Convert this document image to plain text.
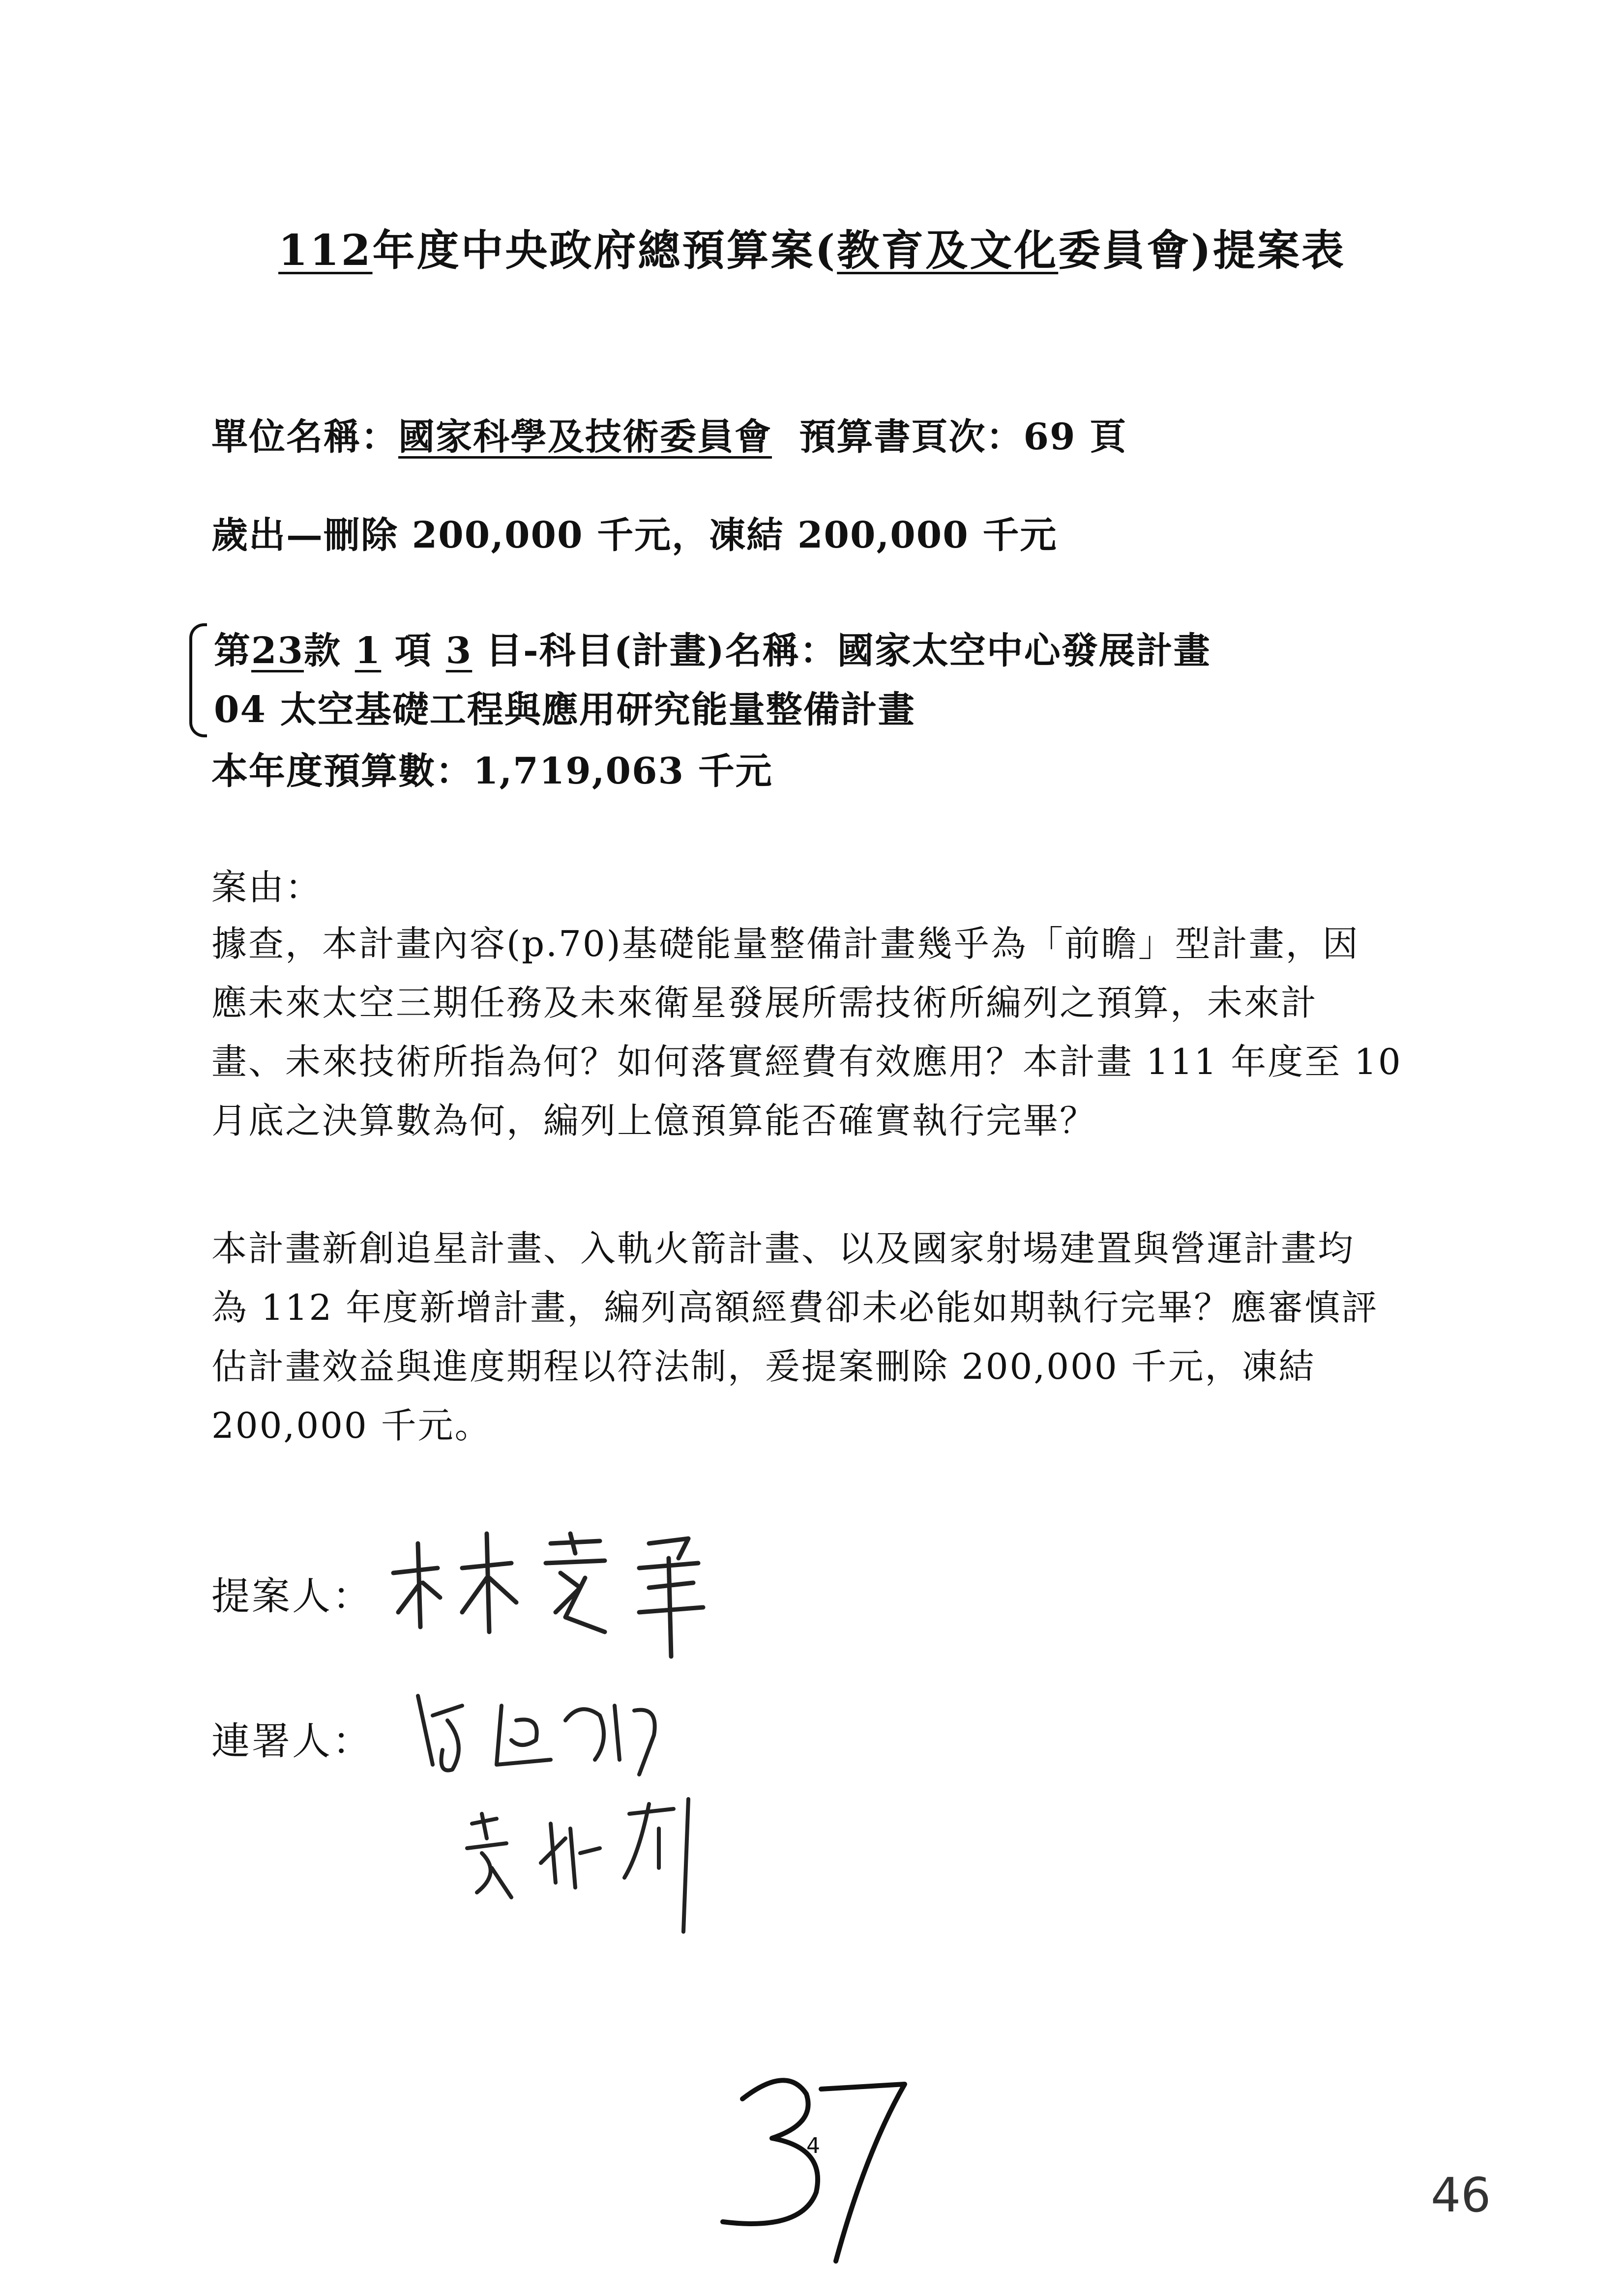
112年度中央政府總預算案(教育及文化委員會)提案表
單位名稱：國家科學及技術委員會 預算書頁次：69 頁
歲出—刪除 200,000 千元，凍結 200,000 千元
第23款 1 項 3 目-科目(計畫)名稱：國家太空中心發展計畫
04 太空基礎工程與應用研究能量整備計畫
本年度預算數：1,719,063 千元
案由：
據查，本計畫內容(p.70)基礎能量整備計畫幾乎為「前瞻」型計畫，因
應未來太空三期任務及未來衛星發展所需技術所編列之預算，未來計
畫、未來技術所指為何？如何落實經費有效應用？本計畫 111 年度至 10
月底之決算數為何，編列上億預算能否確實執行完畢？
本計畫新創追星計畫、入軌火箭計畫、以及國家射場建置與營運計畫均
為 112 年度新增計畫，編列高額經費卻未必能如期執行完畢？應審慎評
估計畫效益與進度期程以符法制，爰提案刪除 200,000 千元，凍結
200,000 千元。
提案人：
連署人：
4
46
